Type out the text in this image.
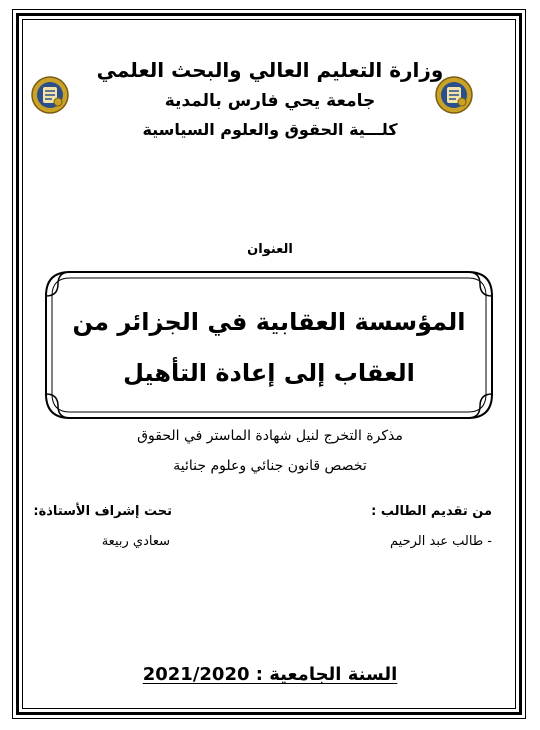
وزارة التعليم العالي والبحث العلمي
جامعة يحي فارس بالمدية
كلـــية الحقوق والعلوم السياسية
العنوان
المؤسسة العقابية في الجزائر من
العقاب إلى إعادة التأهيل
مذكرة التخرج لنيل شهادة الماستر في الحقوق
تخصص قانون جنائي وعلوم جنائية
من تقديم الطالب :
- طالب عبد الرحيم
تحت إشراف الأستاذة:
سعادي ربيعة
السنة الجامعية : 2021/2020
